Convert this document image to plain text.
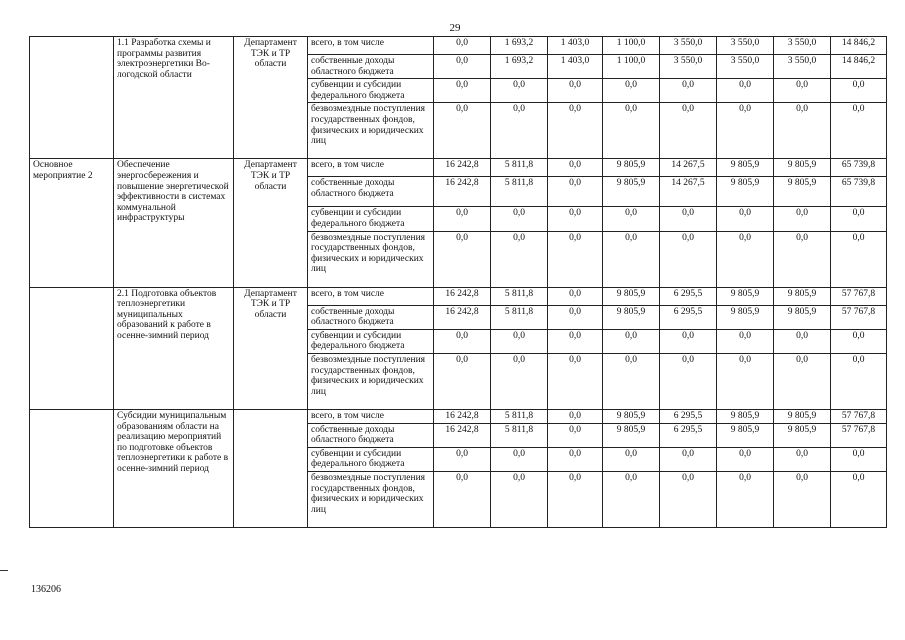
29
	1.1 Разработка схемы и программы развития электроэнергетики Во-логодской области	Департамент ТЭК и ТР области	всего, в том числе	0,0	1 693,2	1 403,0	1 100,0	3 550,0	3 550,0	3 550,0	14 846,2
			собственные доходы областного бюджета	0,0	1 693,2	1 403,0	1 100,0	3 550,0	3 550,0	3 550,0	14 846,2
			субвенции и субсидии федерального бюджета	0,0	0,0	0,0	0,0	0,0	0,0	0,0	0,0
			безвозмездные поступления государственных фондов, физических и юридических лиц	0,0	0,0	0,0	0,0	0,0	0,0	0,0	0,0
Основное мероприятие 2	Обеспечение энергосбережения и повышение энергетической эффективности в системах коммунальной инфраструктуры	Департамент ТЭК и ТР области	всего, в том числе	16 242,8	5 811,8	0,0	9 805,9	14 267,5	9 805,9	9 805,9	65 739,8
			собственные доходы областного бюджета	16 242,8	5 811,8	0,0	9 805,9	14 267,5	9 805,9	9 805,9	65 739,8
			субвенции и субсидии федерального бюджета	0,0	0,0	0,0	0,0	0,0	0,0	0,0	0,0
			безвозмездные поступления государственных фондов, физических и юридических лиц	0,0	0,0	0,0	0,0	0,0	0,0	0,0	0,0
	2.1 Подготовка объектов теплоэнергетики муниципальных образований к работе в осенне-зимний период	Департамент ТЭК и ТР области	всего, в том числе	16 242,8	5 811,8	0,0	9 805,9	6 295,5	9 805,9	9 805,9	57 767,8
			собственные доходы областного бюджета	16 242,8	5 811,8	0,0	9 805,9	6 295,5	9 805,9	9 805,9	57 767,8
			субвенции и субсидии федерального бюджета	0,0	0,0	0,0	0,0	0,0	0,0	0,0	0,0
			безвозмездные поступления государственных фондов, физических и юридических лиц	0,0	0,0	0,0	0,0	0,0	0,0	0,0	0,0
	Субсидии муниципальным образованиям области на реализацию мероприятий по подготовке объектов теплоэнергетики к работе в осенне-зимний период		всего, в том числе	16 242,8	5 811,8	0,0	9 805,9	6 295,5	9 805,9	9 805,9	57 767,8
			собственные доходы областного бюджета	16 242,8	5 811,8	0,0	9 805,9	6 295,5	9 805,9	9 805,9	57 767,8
			субвенции и субсидии федерального бюджета	0,0	0,0	0,0	0,0	0,0	0,0	0,0	0,0
			безвозмездные поступления государственных фондов, физических и юридических лиц	0,0	0,0	0,0	0,0	0,0	0,0	0,0	0,0
136206
